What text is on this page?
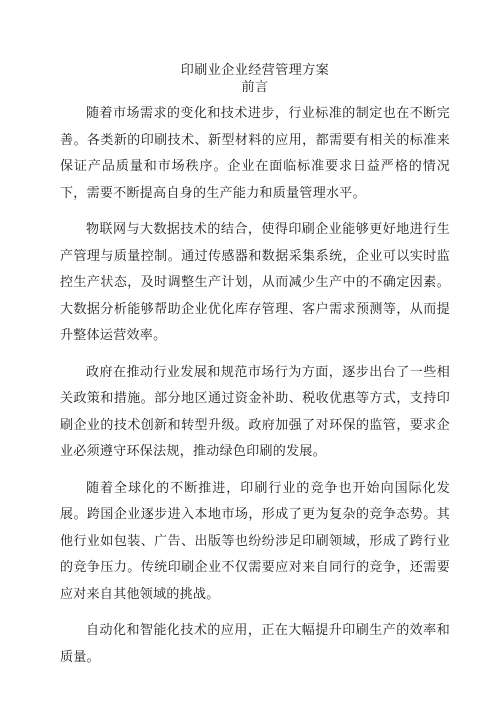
印刷业企业经营管理方案

前言

随着市场需求的变化和技术进步，行业标准的制定也在不断完善。各类新的印刷技术、新型材料的应用，都需要有相关的标准来保证产品质量和市场秩序。企业在面临标准要求日益严格的情况下，需要不断提高自身的生产能力和质量管理水平。

物联网与大数据技术的结合，使得印刷企业能够更好地进行生产管理与质量控制。通过传感器和数据采集系统，企业可以实时监控生产状态，及时调整生产计划，从而减少生产中的不确定因素。大数据分析能够帮助企业优化库存管理、客户需求预测等，从而提升整体运营效率。

政府在推动行业发展和规范市场行为方面，逐步出台了一些相关政策和措施。部分地区通过资金补助、税收优惠等方式，支持印刷企业的技术创新和转型升级。政府加强了对环保的监管，要求企业必须遵守环保法规，推动绿色印刷的发展。

随着全球化的不断推进，印刷行业的竞争也开始向国际化发展。跨国企业逐步进入本地市场，形成了更为复杂的竞争态势。其他行业如包装、广告、出版等也纷纷涉足印刷领域，形成了跨行业的竞争压力。传统印刷企业不仅需要应对来自同行的竞争，还需要应对来自其他领域的挑战。

自动化和智能化技术的应用，正在大幅提升印刷生产的效率和质量。
